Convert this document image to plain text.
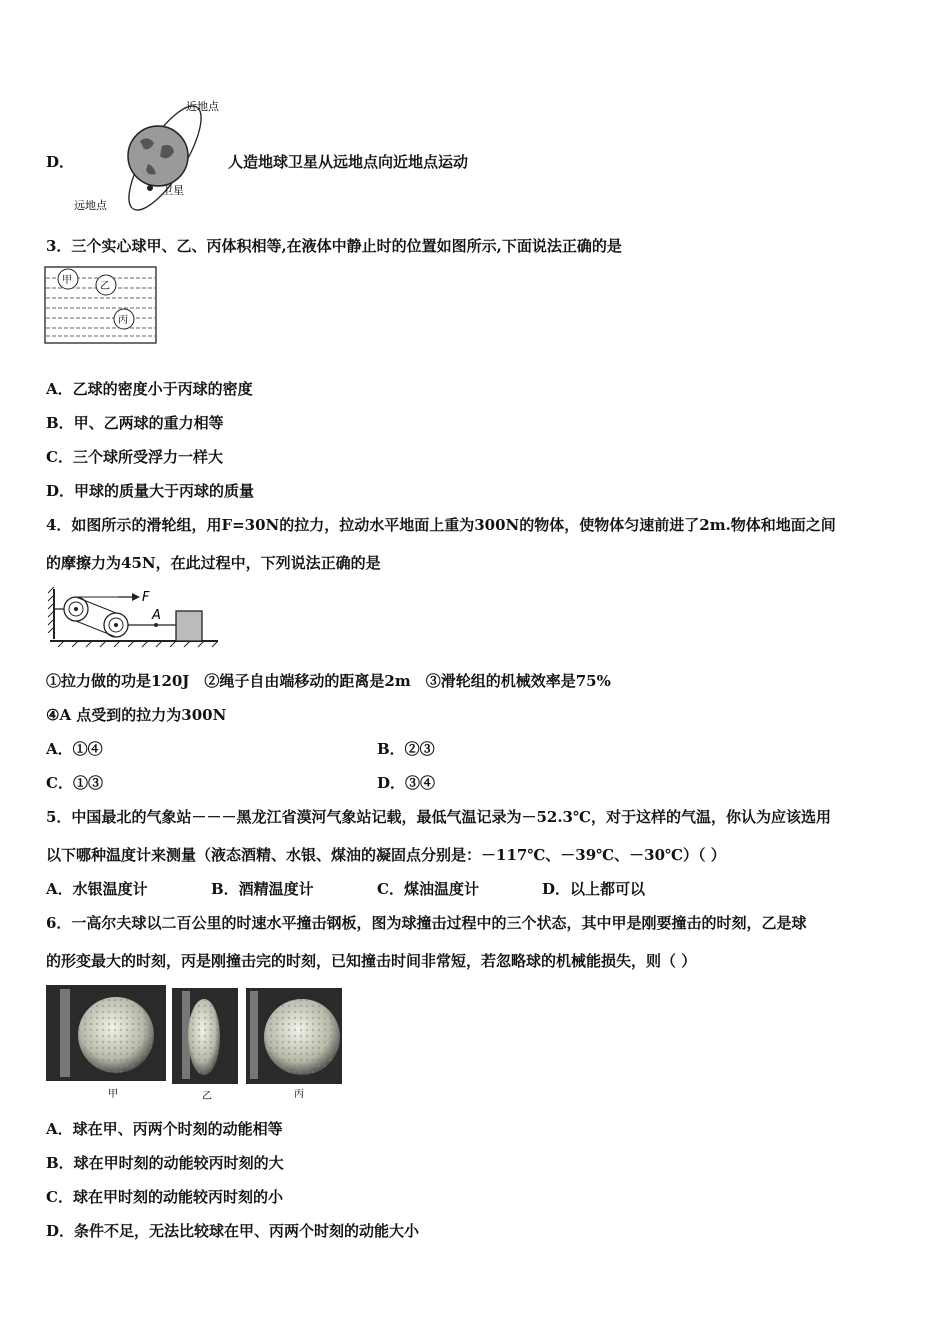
D．
近地点
卫星
远地点
人造地球卫星从远地点向近地点运动
3．三个实心球甲、乙、丙体积相等,在液体中静止时的位置如图所示,下面说法正确的是
甲
乙
丙
A．乙球的密度小于丙球的密度
B．甲、乙两球的重力相等
C．三个球所受浮力一样大
D．甲球的质量大于丙球的质量
4．如图所示的滑轮组，用F=30N的拉力，拉动水平地面上重为300N的物体，使物体匀速前进了2m.物体和地面之间
的摩擦力为45N，在此过程中，下列说法正确的是
F
A
①拉力做的功是120J　②绳子自由端移动的距离是2m　③滑轮组的机械效率是75%
④A 点受到的拉力为300N
A．①④	B．②③
C．①③	D．③④
5．中国最北的气象站－－－黑龙江省漠河气象站记载，最低气温记录为－52.3℃，对于这样的气温，你认为应该选用
以下哪种温度计来测量（液态酒精、水银、煤油的凝固点分别是：－117℃、－39℃、－30℃）（ ）
A．水银温度计	B．酒精温度计	C．煤油温度计	D．以上都可以
6．一高尔夫球以二百公里的时速水平撞击钢板，图为球撞击过程中的三个状态，其中甲是刚要撞击的时刻，乙是球
的形变最大的时刻，丙是刚撞击完的时刻，已知撞击时间非常短，若忽略球的机械能损失，则（ ）
甲	乙	丙
A．球在甲、丙两个时刻的动能相等
B．球在甲时刻的动能较丙时刻的大
C．球在甲时刻的动能较丙时刻的小
D．条件不足，无法比较球在甲、丙两个时刻的动能大小
